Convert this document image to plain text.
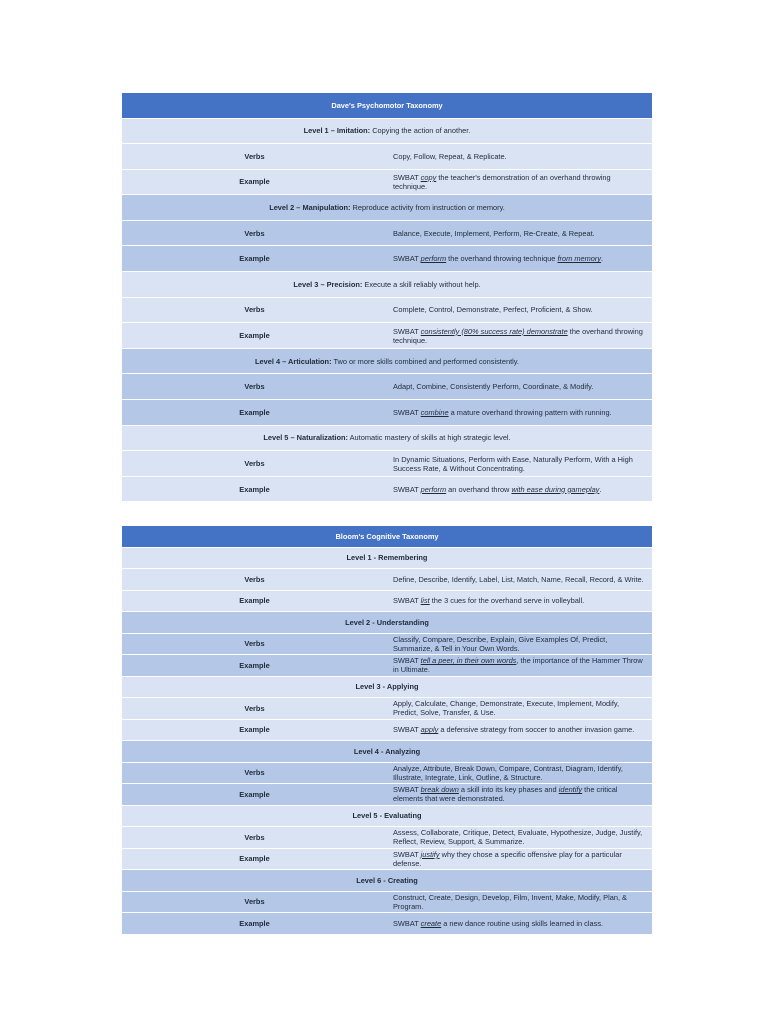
Dave's Psychomotor Taxonomy	
Level 1 – Imitation: Copying the action of another.	
Verbs	Copy, Follow, Repeat, & Replicate.
Example	SWBAT copy the teacher's demonstration of an overhand throwing technique.
Level 2 – Manipulation: Reproduce activity from instruction or memory.	
Verbs	Balance, Execute, Implement, Perform, Re-Create, & Repeat.
Example	SWBAT perform the overhand throwing technique from memory.
Level 3 – Precision: Execute a skill reliably without help.	
Verbs	Complete, Control, Demonstrate, Perfect, Proficient, & Show.
Example	SWBAT consistently (80% success rate) demonstrate the overhand throwing technique.
Level 4 – Articulation: Two or more skills combined and performed consistently.	
Verbs	Adapt, Combine, Consistently Perform, Coordinate, & Modify.
Example	SWBAT combine a mature overhand throwing pattern with running.
Level 5 – Naturalization: Automatic mastery of skills at high strategic level.	
Verbs	In Dynamic Situations, Perform with Ease, Naturally Perform, With a High Success Rate, & Without Concentrating.
Example	SWBAT perform an overhand throw with ease during gameplay.
Bloom's Cognitive Taxonomy	
Level 1 - Remembering	
Verbs	Define, Describe, Identify, Label, List, Match, Name, Recall, Record, & Write.
Example	SWBAT list the 3 cues for the overhand serve in volleyball.
Level 2 - Understanding	
Verbs	Classify, Compare, Describe, Explain, Give Examples Of, Predict, Summarize, & Tell in Your Own Words.
Example	SWBAT tell a peer, in their own words, the importance of the Hammer Throw in Ultimate.
Level 3 - Applying	
Verbs	Apply, Calculate, Change, Demonstrate, Execute, Implement, Modify, Predict, Solve, Transfer, & Use.
Example	SWBAT apply a defensive strategy from soccer to another invasion game.
Level 4 - Analyzing	
Verbs	Analyze, Attribute, Break Down, Compare, Contrast, Diagram, Identify, Illustrate, Integrate, Link, Outline, & Structure.
Example	SWBAT break down a skill into its key phases and identify the critical elements that were demonstrated.
Level 5 - Evaluating	
Verbs	Assess, Collaborate, Critique, Detect, Evaluate, Hypothesize, Judge, Justify, Reflect, Review, Support, & Summarize.
Example	SWBAT justify why they chose a specific offensive play for a particular defense.
Level 6 - Creating	
Verbs	Construct, Create, Design, Develop, Film, Invent, Make, Modify, Plan, & Program.
Example	SWBAT create a new dance routine using skills learned in class.
